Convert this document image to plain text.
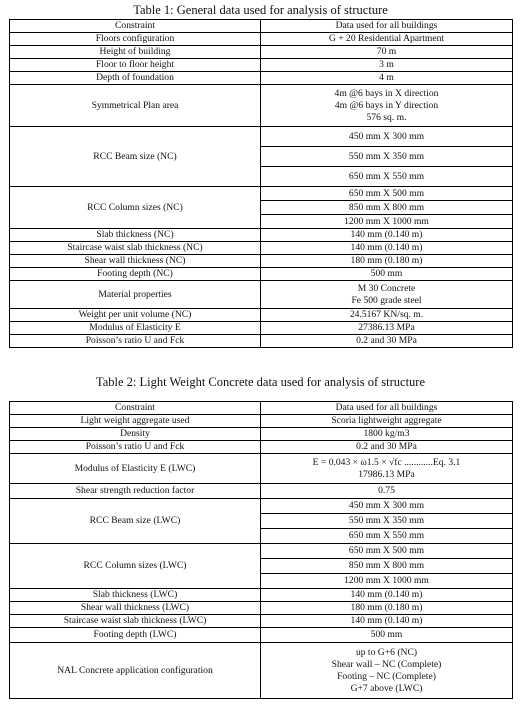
Table 1: General data used for analysis of structure
Constraint	Data used for all buildings
Floors configuration	G + 20 Residential Apartment
Height of building	70 m
Floor to floor height	3 m
Depth of foundation	4 m
Symmetrical Plan area	4m @6 bays in X direction
4m @6 bays in Y direction
576 sq. m.

RCC Beam size (NC)	450 mm X 300 mm
	550 mm X 350 mm
	650 mm X 550 mm
RCC Column sizes (NC)	650 mm X 500 mm
	850 mm X 800 mm
	1200 mm X 1000 mm
Slab thickness (NC)	140 mm (0.140 m)
Staircase waist slab thickness (NC)	140 mm (0.140 m)
Shear wall thickness (NC)	180 mm (0.180 m)
Footing depth (NC)	500 mm
Material properties	M 30 Concrete
Fe 500 grade steel

Weight per unit volume (NC)	24.5167 KN/sq. m.
Modulus of Elasticity E	27386.13 MPa
Poisson’s ratio U and Fck	0.2 and 30 MPa
Table 2: Light Weight Concrete data used for analysis of structure
Constraint	Data used for all buildings
Light weight aggregate used	Scoria lightweight aggregate
Density	1800 kg/m3
Poisson’s ratio U and Fck	0.2 and 30 MPa
Modulus of Elasticity E (LWC)	E = 0.043 × ω1.5 × √fc ............Eq. 3.1
17986.13 MPa

Shear strength reduction factor	0.75
RCC Beam size (LWC)	450 mm X 300 mm
	550 mm X 350 mm
	650 mm X 550 mm
RCC Column sizes (LWC)	650 mm X 500 mm
	850 mm X 800 mm
	1200 mm X 1000 mm
Slab thickness (LWC)	140 mm (0.140 m)
Shear wall thickness (LWC)	180 mm (0.180 m)
Staircase waist slab thickness (LWC)	140 mm (0.140 m)
Footing depth (LWC)	500 mm
NAL Concrete application configuration	up to G+6 (NC)
Shear wall – NC (Complete)
Footing – NC (Complete)
G+7 above (LWC)
